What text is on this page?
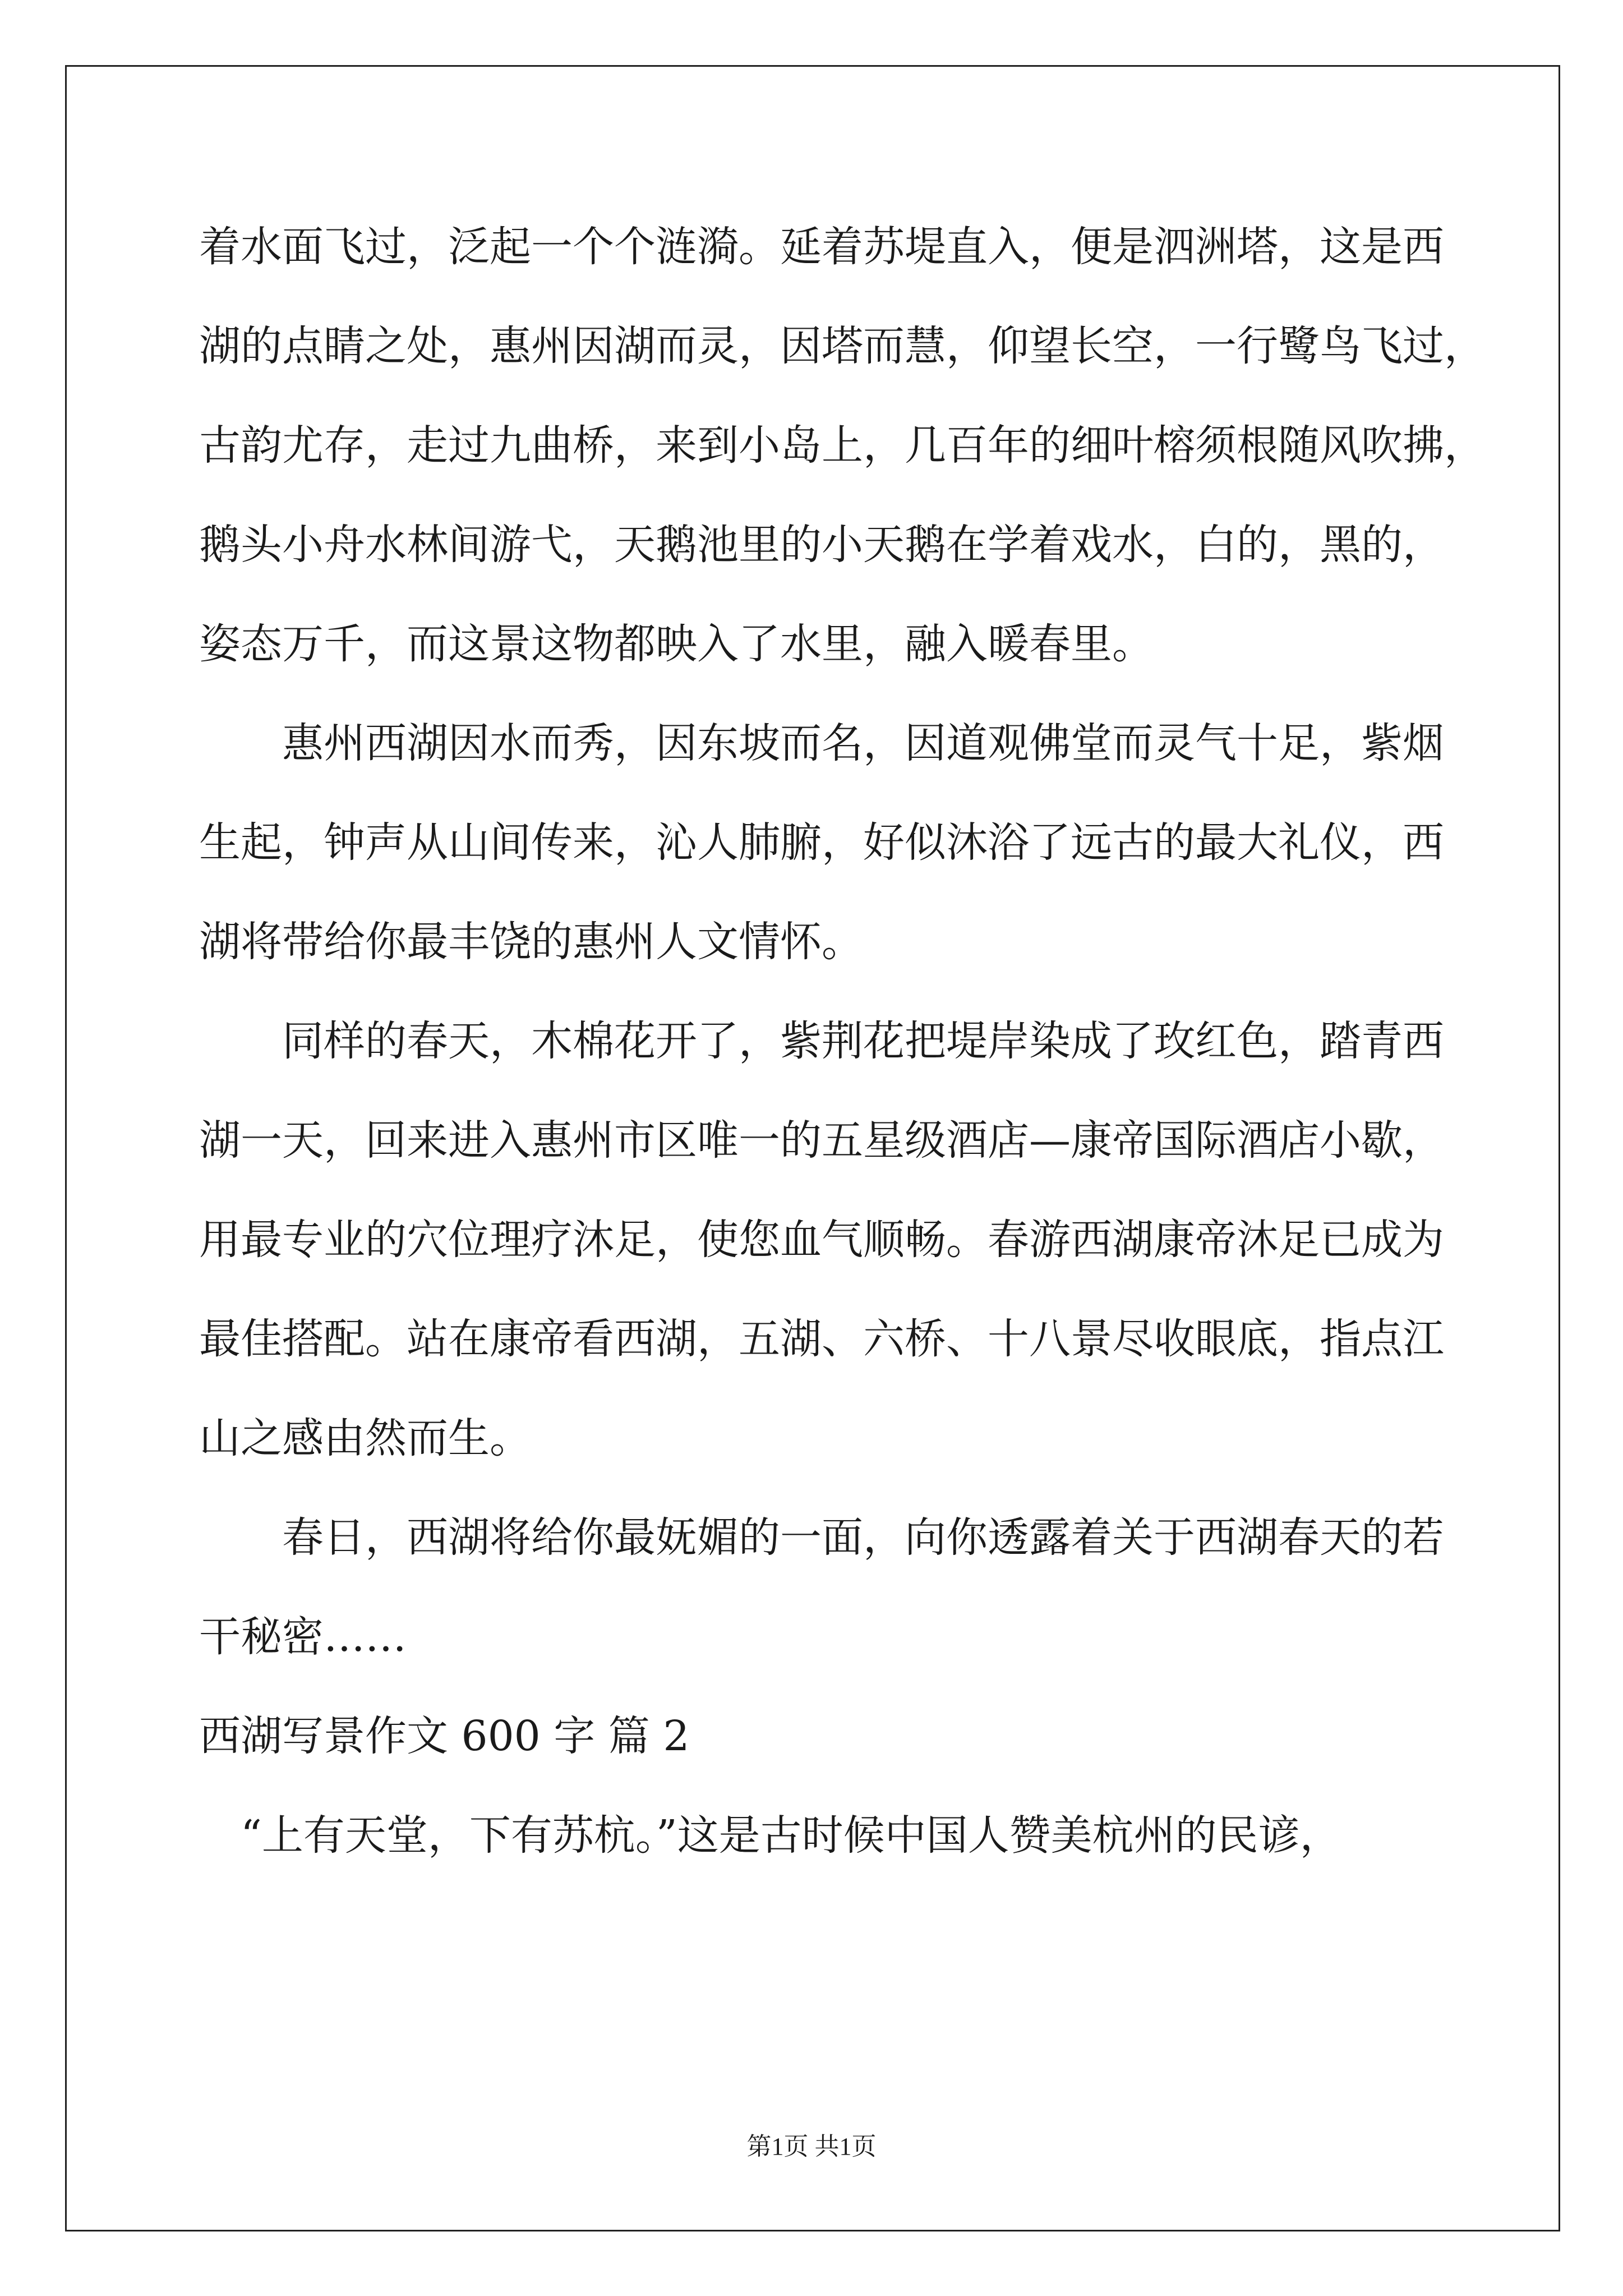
着水面飞过，泛起一个个涟漪。延着苏堤直入，便是泗洲塔，这是西
湖的点睛之处，惠州因湖而灵，因塔而慧，仰望长空，一行鹭鸟飞过，
古韵尤存，走过九曲桥，来到小岛上，几百年的细叶榕须根随风吹拂，
鹅头小舟水林间游弋，天鹅池里的小天鹅在学着戏水，白的，黑的，
姿态万千，而这景这物都映入了水里，融入暖春里。
　　惠州西湖因水而秀，因东坡而名，因道观佛堂而灵气十足，紫烟
生起，钟声从山间传来，沁人肺腑，好似沐浴了远古的最大礼仪，西
湖将带给你最丰饶的惠州人文情怀。
　　同样的春天，木棉花开了，紫荆花把堤岸染成了玫红色，踏青西
湖一天，回来进入惠州市区唯一的五星级酒店—康帝国际酒店小歇，
用最专业的穴位理疗沐足，使您血气顺畅。春游西湖康帝沐足已成为
最佳搭配。站在康帝看西湖，五湖、六桥、十八景尽收眼底，指点江
山之感由然而生。
　　春日，西湖将给你最妩媚的一面，向你透露着关于西湖春天的若
干秘密……
西湖写景作文 600 字 篇 2
　“上有天堂，下有苏杭。”这是古时候中国人赞美杭州的民谚，
第1页 共1页
